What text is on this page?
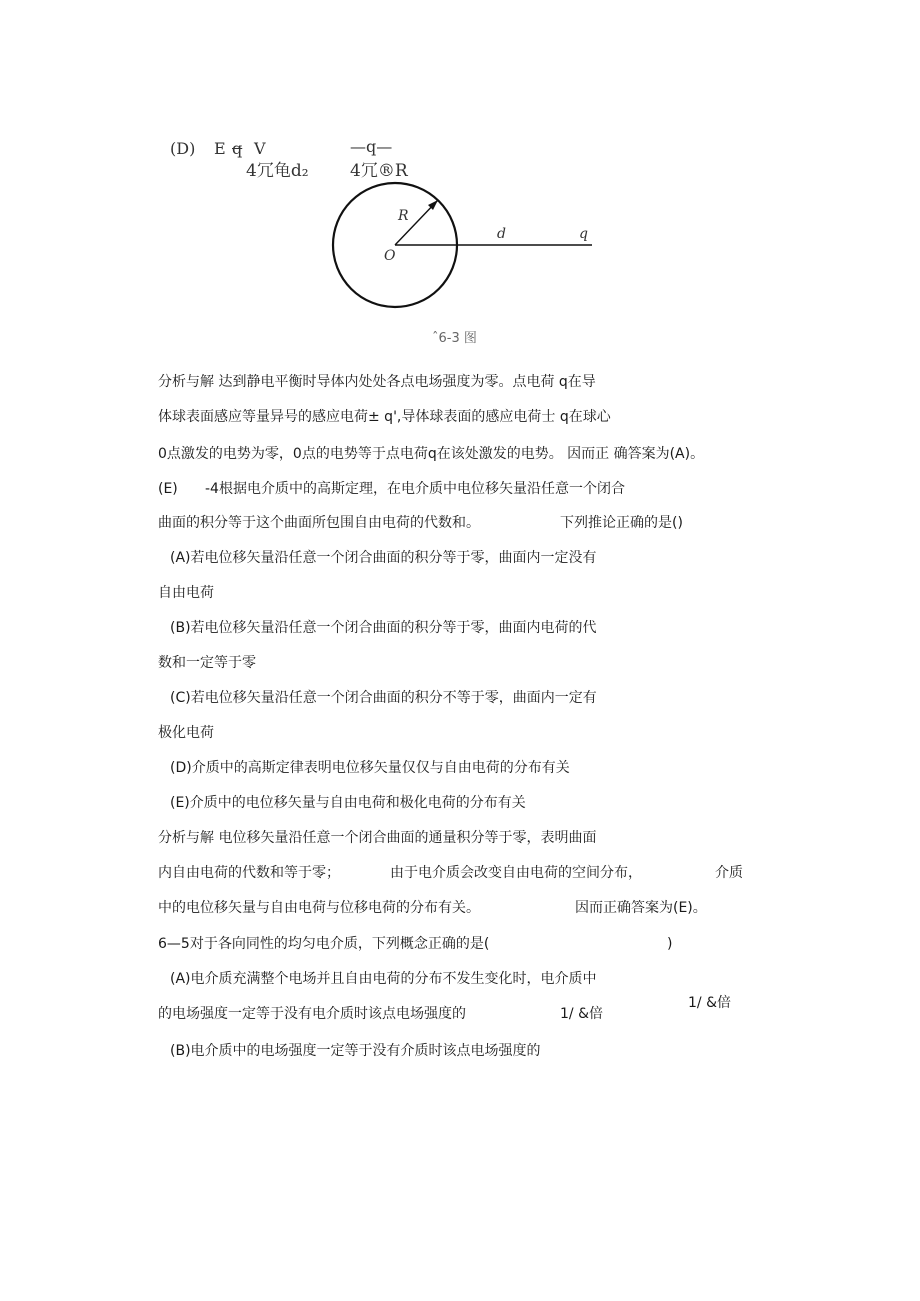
(D) E q V	—q—
4冗龟d₂ 4冗®R
R
O
d	q
ˆ6-3 图
分析与解 达到静电平衡时导体内处处各点电场强度为零。点电荷 q在导
体球表面感应等量异号的感应电荷± q',导体球表面的感应电荷士 q在球心
0点激发的电势为零，0点的电势等于点电荷q在该处激发的电势。 因而正 确答案为(A)。
(E) -4根据电介质中的高斯定理，在电介质中电位移矢量沿任意一个闭合
曲面的积分等于这个曲面所包围自由电荷的代数和。	下列推论正确的是()
(A)若电位移矢量沿任意一个闭合曲面的积分等于零，曲面内一定没有
自由电荷
(B)若电位移矢量沿任意一个闭合曲面的积分等于零，曲面内电荷的代
数和一定等于零
(C)若电位移矢量沿任意一个闭合曲面的积分不等于零，曲面内一定有
极化电荷
(D)介质中的高斯定律表明电位移矢量仅仅与自由电荷的分布有关
(E)介质中的电位移矢量与自由电荷和极化电荷的分布有关
分析与解 电位移矢量沿任意一个闭合曲面的通量积分等于零，表明曲面
内自由电荷的代数和等于零；	由于电介质会改变自由电荷的空间分布，	介质
中的电位移矢量与自由电荷与位移电荷的分布有关。	因而正确答案为(E)。
6—5对于各向同性的均匀电介质，下列概念正确的是(	)
(A)电介质充满整个电场并且自由电荷的分布不发生变化时，电介质中
1/ &倍
的电场强度一定等于没有电介质时该点电场强度的	1/ &倍
(B)电介质中的电场强度一定等于没有介质时该点电场强度的
